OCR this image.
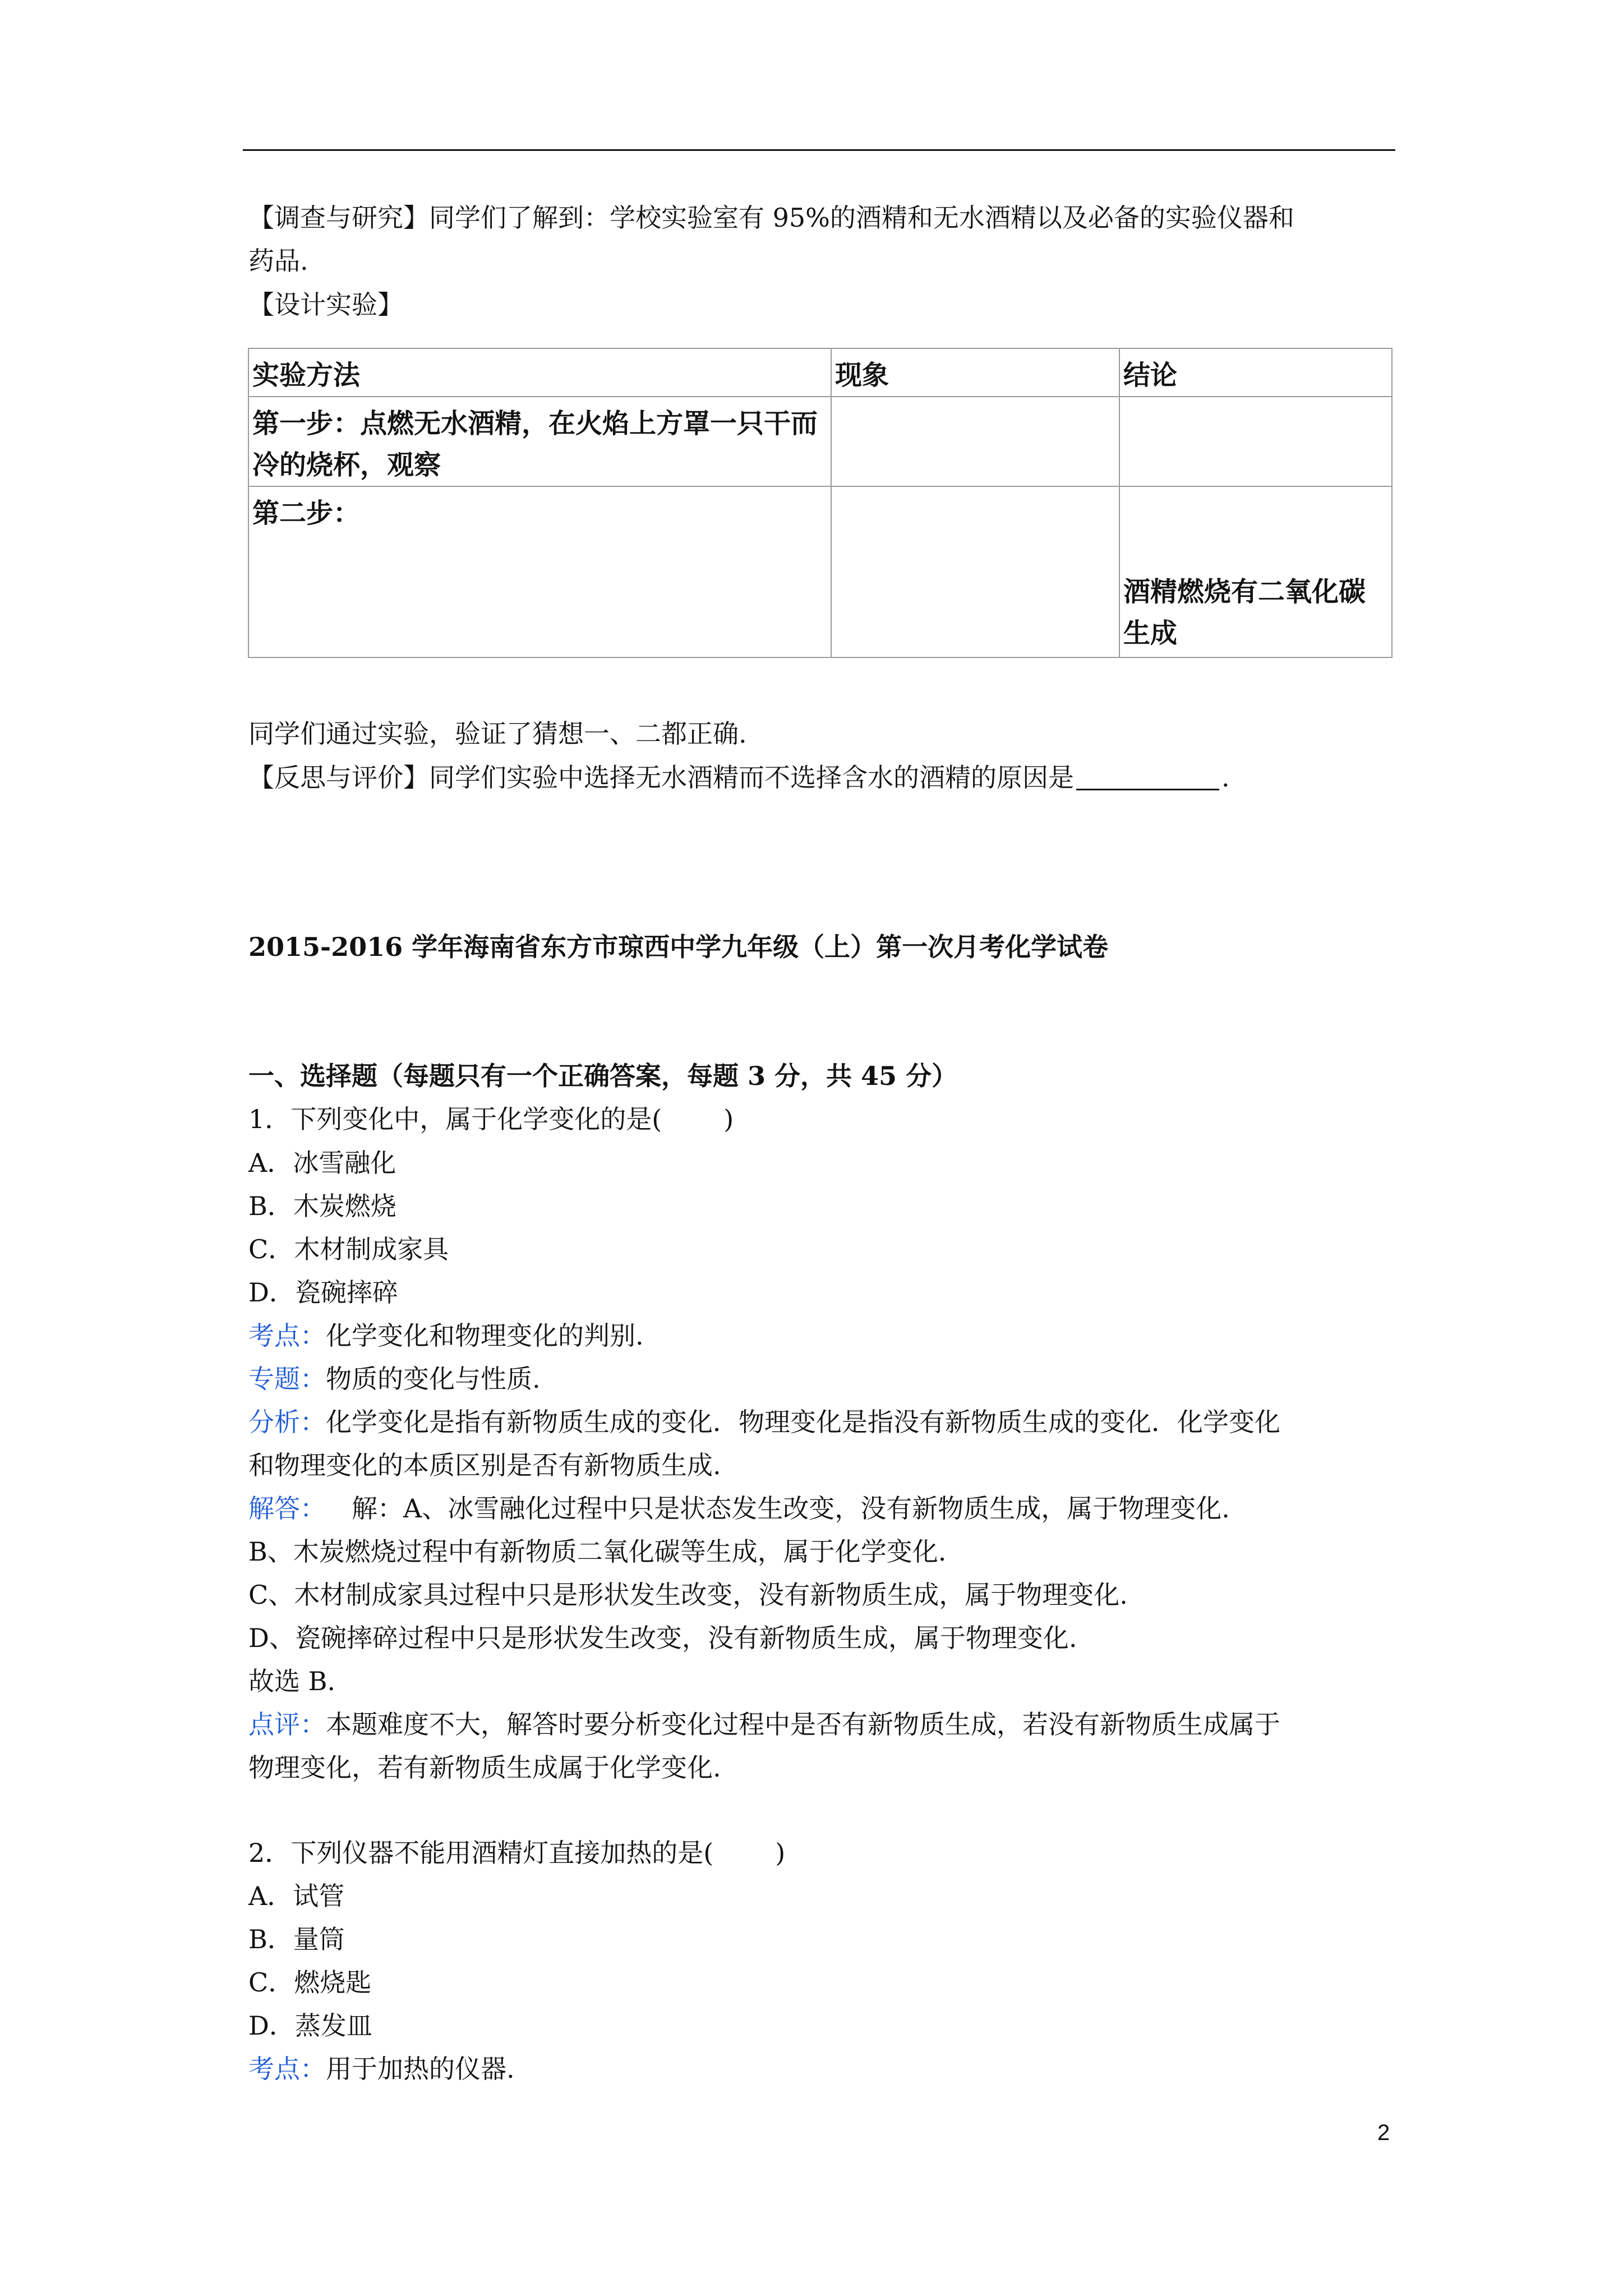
【调查与研究】同学们了解到：学校实验室有 95%的酒精和无水酒精以及必备的实验仪器和
药品.
【设计实验】
实验方法	现象	结论
第一步：点燃无水酒精，在火焰上方罩一只干而冷的烧杯，观察		
第二步：		酒精燃烧有二氧化碳生成
同学们通过实验，验证了猜想一、二都正确.
【反思与评价】同学们实验中选择无水酒精而不选择含水的酒精的原因是	.
2015-2016 学年海南省东方市琼西中学九年级（上）第一次月考化学试卷
一、选择题（每题只有一个正确答案，每题 3 分，共 45 分）
1．下列变化中，属于化学变化的是( )
A．冰雪融化
B．木炭燃烧
C．木材制成家具
D．瓷碗摔碎
考点：化学变化和物理变化的判别.
专题：物质的变化与性质.
分析：化学变化是指有新物质生成的变化．物理变化是指没有新物质生成的变化．化学变化
和物理变化的本质区别是否有新物质生成.
解答： 解：A、冰雪融化过程中只是状态发生改变，没有新物质生成，属于物理变化.
B、木炭燃烧过程中有新物质二氧化碳等生成，属于化学变化.
C、木材制成家具过程中只是形状发生改变，没有新物质生成，属于物理变化.
D、瓷碗摔碎过程中只是形状发生改变，没有新物质生成，属于物理变化.
故选 B.
点评：本题难度不大，解答时要分析变化过程中是否有新物质生成，若没有新物质生成属于
物理变化，若有新物质生成属于化学变化.
2．下列仪器不能用酒精灯直接加热的是( )
A．试管
B．量筒
C．燃烧匙
D．蒸发皿
考点：用于加热的仪器.
2
